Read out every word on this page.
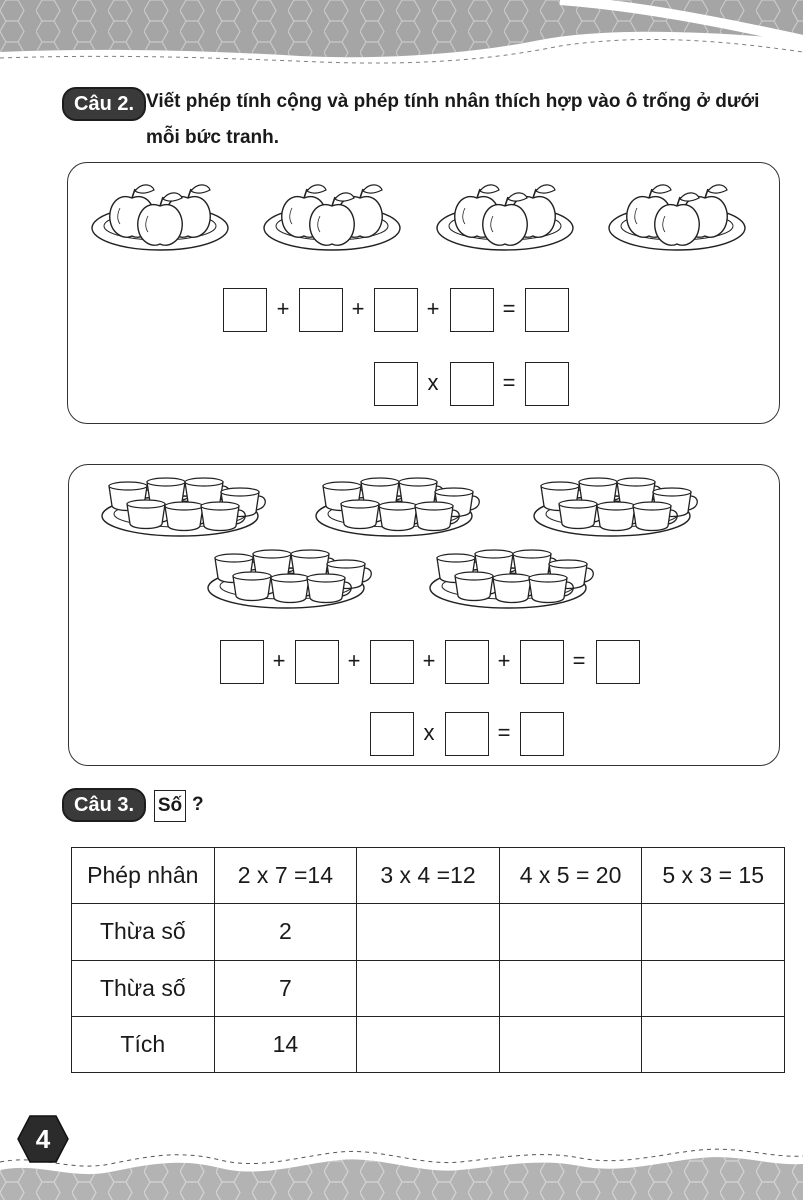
Câu 2. Viết phép tính cộng và phép tính nhân thích hợp vào ô trống ở dưới mỗi bức tranh.
+	+	+	=
x	=
+	+	+	+	=
x	=
Câu 3.	Số ?
Phép nhân	2 x 7 =14	3 x 4 =12	4 x 5 = 20	5 x 3 = 15
Thừa số	2			
Thừa số	7			
Tích	14			
4
